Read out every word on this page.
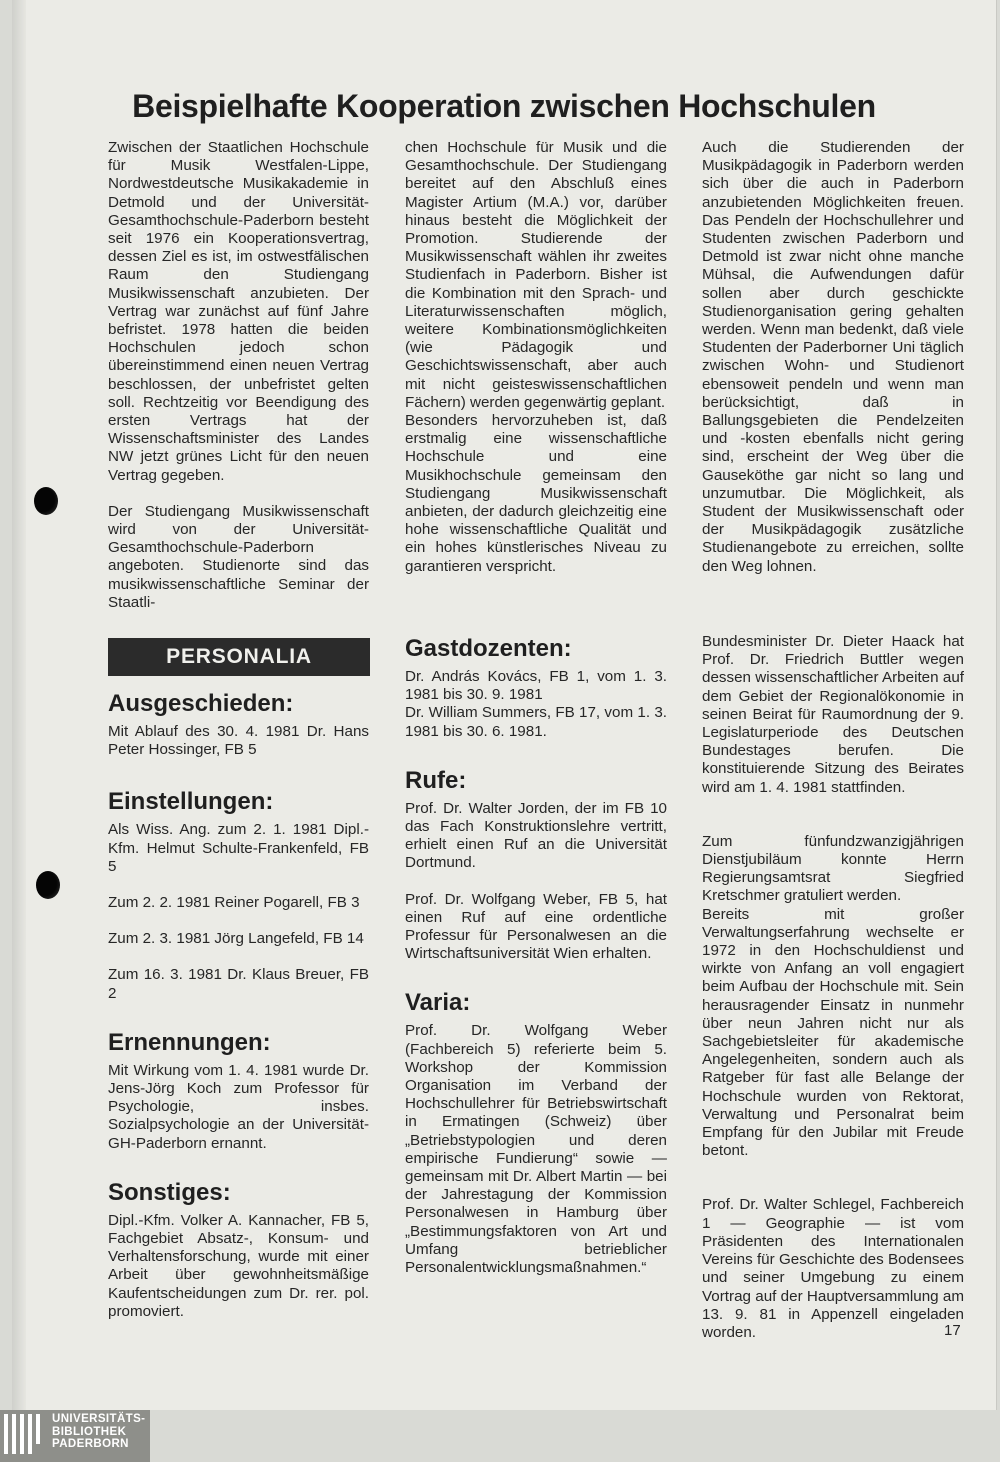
Beispielhafte Kooperation zwischen Hochschulen

Zwischen der Staatlichen Hochschule für Musik Westfalen-Lippe, Nordwestdeutsche Musikakademie in Detmold und der Universität-Gesamthochschule-Paderborn besteht seit 1976 ein Kooperationsvertrag, dessen Ziel es ist, im ostwestfälischen Raum den Studiengang Musikwissenschaft anzubieten. Der Vertrag war zunächst auf fünf Jahre befristet. 1978 hatten die beiden Hochschulen jedoch schon übereinstimmend einen neuen Vertrag beschlossen, der unbefristet gelten soll. Rechtzeitig vor Beendigung des ersten Vertrags hat der Wissenschaftsminister des Landes NW jetzt grünes Licht für den neuen Vertrag gegeben.

Der Studiengang Musikwissenschaft wird von der Universität-Gesamthochschule-Paderborn angeboten. Studienorte sind das musikwissenschaftliche Seminar der Staatli-

chen Hochschule für Musik und die Gesamthochschule. Der Studiengang bereitet auf den Abschluß eines Magister Artium (M.A.) vor, darüber hinaus besteht die Möglichkeit der Promotion. Studierende der Musikwissenschaft wählen ihr zweites Studienfach in Paderborn. Bisher ist die Kombination mit den Sprach- und Literaturwissenschaften möglich, weitere Kombinationsmöglichkeiten (wie Pädagogik und Geschichtswissenschaft, aber auch mit nicht geisteswissenschaftlichen Fächern) werden gegenwärtig geplant.

Besonders hervorzuheben ist, daß erstmalig eine wissenschaftliche Hochschule und eine Musikhochschule gemeinsam den Studiengang Musikwissenschaft anbieten, der dadurch gleichzeitig eine hohe wissenschaftliche Qualität und ein hohes künstlerisches Niveau zu garantieren verspricht.

Auch die Studierenden der Musikpädagogik in Paderborn werden sich über die auch in Paderborn anzubietenden Möglichkeiten freuen. Das Pendeln der Hochschullehrer und Studenten zwischen Paderborn und Detmold ist zwar nicht ohne manche Mühsal, die Aufwendungen dafür sollen aber durch geschickte Studienorganisation gering gehalten werden. Wenn man bedenkt, daß viele Studenten der Paderborner Uni täglich zwischen Wohn- und Studienort ebensoweit pendeln und wenn man berücksichtigt, daß in Ballungsgebieten die Pendelzeiten und -kosten ebenfalls nicht gering sind, erscheint der Weg über die Gauseköthe gar nicht so lang und unzumutbar. Die Möglichkeit, als Student der Musikwissenschaft oder der Musikpädagogik zusätzliche Studienangebote zu erreichen, sollte den Weg lohnen.

PERSONALIA
Ausgeschieden:

Mit Ablauf des 30. 4. 1981 Dr. Hans Peter Hossinger, FB 5

Einstellungen:

Als Wiss. Ang. zum 2. 1. 1981 Dipl.-Kfm. Helmut Schulte-Frankenfeld, FB 5

Zum 2. 2. 1981 Reiner Pogarell, FB 3

Zum 2. 3. 1981 Jörg Langefeld, FB 14

Zum 16. 3. 1981 Dr. Klaus Breuer, FB 2

Ernennungen:

Mit Wirkung vom 1. 4. 1981 wurde Dr. Jens-Jörg Koch zum Professor für Psychologie, insbes. Sozialpsychologie an der Universität-GH-Paderborn ernannt.

Sonstiges:

Dipl.-Kfm. Volker A. Kannacher, FB 5, Fachgebiet Absatz-, Konsum- und Verhaltensforschung, wurde mit einer Arbeit über gewohnheitsmäßige Kaufentscheidungen zum Dr. rer. pol. promoviert.

Gastdozenten:

Dr. András Kovács, FB 1, vom 1. 3. 1981 bis 30. 9. 1981

Dr. William Summers, FB 17, vom 1. 3. 1981 bis 30. 6. 1981.

Rufe:

Prof. Dr. Walter Jorden, der im FB 10 das Fach Konstruktionslehre vertritt, erhielt einen Ruf an die Universität Dortmund.

Prof. Dr. Wolfgang Weber, FB 5, hat einen Ruf auf eine ordentliche Professur für Personalwesen an die Wirtschaftsuniversität Wien erhalten.

Varia:

Prof. Dr. Wolfgang Weber (Fachbereich 5) referierte beim 5. Workshop der Kommission Organisation im Verband der Hochschullehrer für Betriebswirtschaft in Ermatingen (Schweiz) über „Betriebstypologien und deren empirische Fundierung“ sowie — gemeinsam mit Dr. Albert Martin — bei der Jahrestagung der Kommission Personalwesen in Hamburg über „Bestimmungsfaktoren von Art und Umfang betrieblicher Personalentwicklungsmaßnahmen.“

Bundesminister Dr. Dieter Haack hat Prof. Dr. Friedrich Buttler wegen dessen wissenschaftlicher Arbeiten auf dem Gebiet der Regionalökonomie in seinen Beirat für Raumordnung der 9. Legislaturperiode des Deutschen Bundestages berufen. Die konstituierende Sitzung des Beirates wird am 1. 4. 1981 stattfinden.

Zum fünfundzwanzigjährigen Dienstjubiläum konnte Herrn Regierungsamtsrat Siegfried Kretschmer gratuliert werden.

Bereits mit großer Verwaltungserfahrung wechselte er 1972 in den Hochschuldienst und wirkte von Anfang an voll engagiert beim Aufbau der Hochschule mit. Sein herausragender Einsatz in nunmehr über neun Jahren nicht nur als Sachgebietsleiter für akademische Angelegenheiten, sondern auch als Ratgeber für fast alle Belange der Hochschule wurden von Rektorat, Verwaltung und Personalrat beim Empfang für den Jubilar mit Freude betont.

Prof. Dr. Walter Schlegel, Fachbereich 1 — Geographie — ist vom Präsidenten des Internationalen Vereins für Geschichte des Bodensees und seiner Umgebung zu einem Vortrag auf der Hauptversammlung am 13. 9. 81 in Appenzell eingeladen worden.	17
UNIVERSITÄTS-
BIBLIOTHEK
PADERBORN
